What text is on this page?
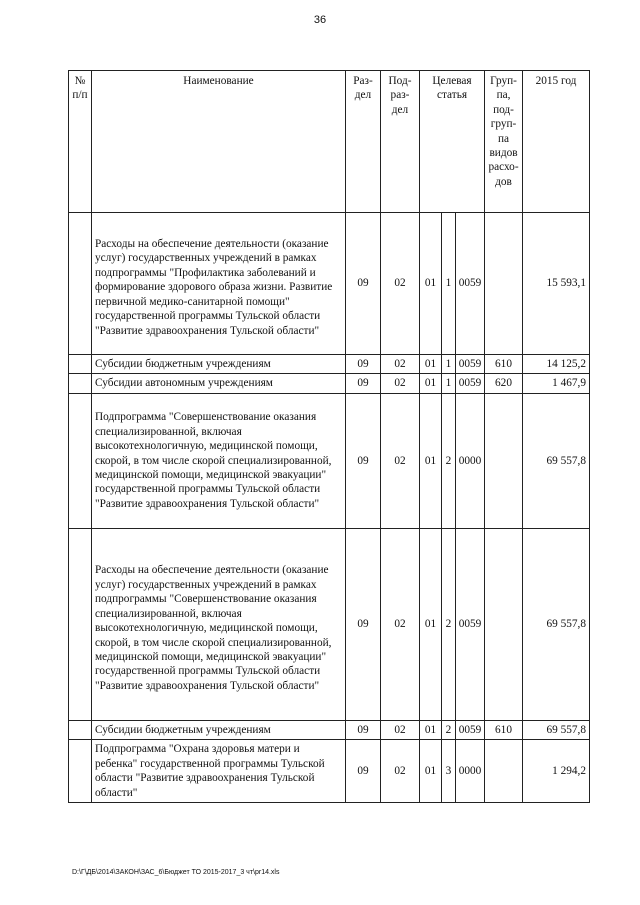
36
№ п/п	Наименование	Раз- дел	Под- раз- дел	Целевая статья			Груп- па, под- груп- па видов расхо- дов	2015 год
	Расходы на обеспечение деятельности (оказание услуг) государственных учреждений в рамках подпрограммы "Профилактика заболеваний и формирование здорового образа жизни. Развитие первичной медико-санитарной помощи" государственной программы Тульской области "Развитие здравоохранения Тульской области"	09	02	01	1	0059		15 593,1
	Субсидии бюджетным учреждениям	09	02	01	1	0059	610	14 125,2
	Субсидии автономным учреждениям	09	02	01	1	0059	620	1 467,9
	Подпрограмма "Совершенствование оказания специализированной, включая высокотехнологичную, медицинской помощи, скорой, в том числе скорой специализированной, медицинской помощи, медицинской эвакуации" государственной программы Тульской области "Развитие здравоохранения Тульской области"	09	02	01	2	0000		69 557,8
	Расходы на обеспечение деятельности (оказание услуг) государственных учреждений в рамках подпрограммы "Совершенствование оказания специализированной, включая высокотехнологичную, медицинской помощи, скорой, в том числе скорой специализированной, медицинской помощи, медицинской эвакуации" государственной программы Тульской области "Развитие здравоохранения Тульской области"	09	02	01	2	0059		69 557,8
	Субсидии бюджетным учреждениям	09	02	01	2	0059	610	69 557,8
	Подпрограмма "Охрана здоровья матери и ребенка" государственной программы Тульской области "Развитие здравоохранения Тульской области"	09	02	01	3	0000		1 294,2
D:\Г\ДБ\2014\ЗАКОН\ЗАС_6\Бюджет ТО 2015-2017_3 чт\pr14.xls
